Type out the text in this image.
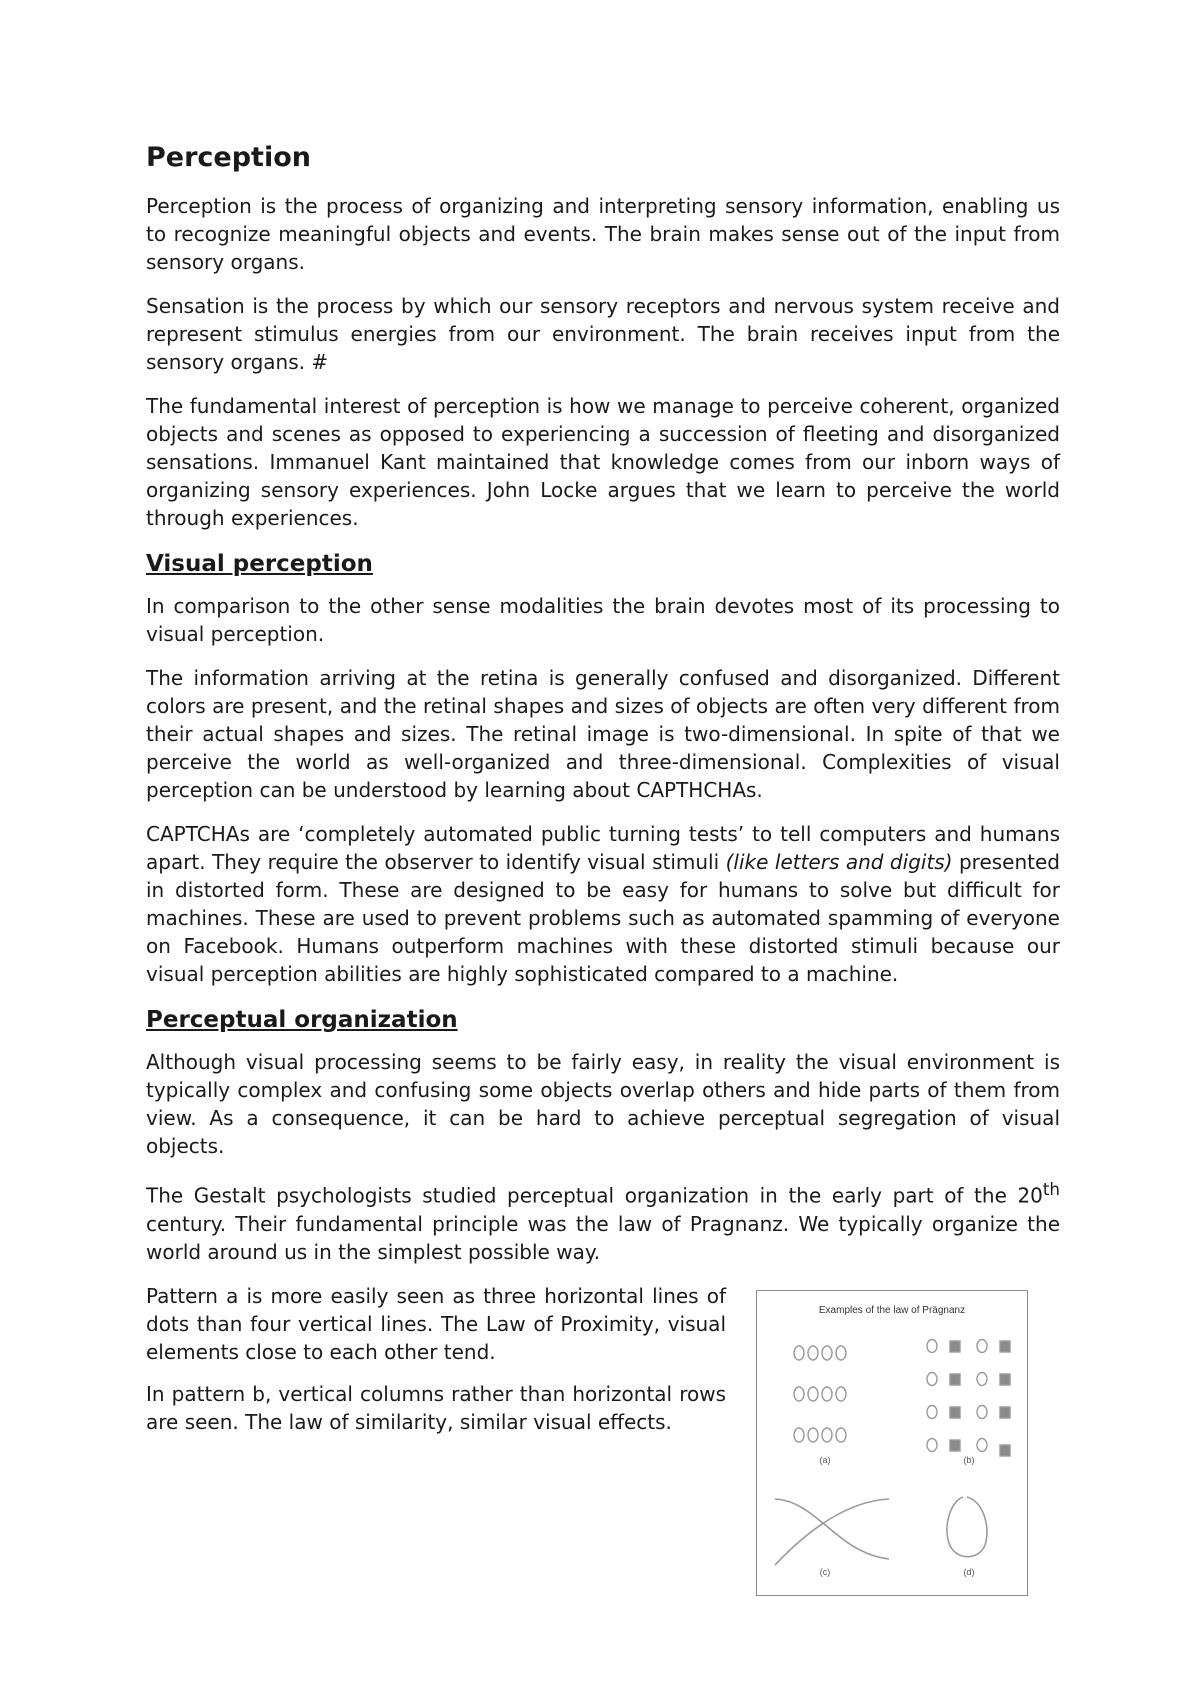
Perception

Perception is the process of organizing and interpreting sensory information, enabling us to recognize meaningful objects and events. The brain makes sense out of the input from sensory organs.

Sensation is the process by which our sensory receptors and nervous system receive and represent stimulus energies from our environment. The brain receives input from the sensory organs. #

The fundamental interest of perception is how we manage to perceive coherent, organized objects and scenes as opposed to experiencing a succession of fleeting and disorganized sensations. Immanuel Kant maintained that knowledge comes from our inborn ways of organizing sensory experiences. John Locke argues that we learn to perceive the world through experiences.

Visual perception

In comparison to the other sense modalities the brain devotes most of its processing to visual perception.

The information arriving at the retina is generally confused and disorganized. Different colors are present, and the retinal shapes and sizes of objects are often very different from their actual shapes and sizes. The retinal image is two-dimensional. In spite of that we perceive the world as well-organized and three-dimensional. Complexities of visual perception can be understood by learning about CAPTHCHAs.

CAPTCHAs are ‘completely automated public turning tests’ to tell computers and humans apart. They require the observer to identify visual stimuli (like letters and digits) presented in distorted form. These are designed to be easy for humans to solve but difficult for machines. These are used to prevent problems such as automated spamming of everyone on Facebook. Humans outperform machines with these distorted stimuli because our visual perception abilities are highly sophisticated compared to a machine.

Perceptual organization

Although visual processing seems to be fairly easy, in reality the visual environment is typically complex and confusing some objects overlap others and hide parts of them from view. As a consequence, it can be hard to achieve perceptual segregation of visual objects.

The Gestalt psychologists studied perceptual organization in the early part of the 20th century. Their fundamental principle was the law of Pragnanz. We typically organize the world around us in the simplest possible way.

Pattern a is more easily seen as three horizontal lines of dots than four vertical lines. The Law of Proximity, visual elements close to each other tend.

In pattern b, vertical columns rather than horizontal rows are seen. The law of similarity, similar visual effects.

Examples of the law of Prägnanz
(a)	(b)
(c)	(d)
